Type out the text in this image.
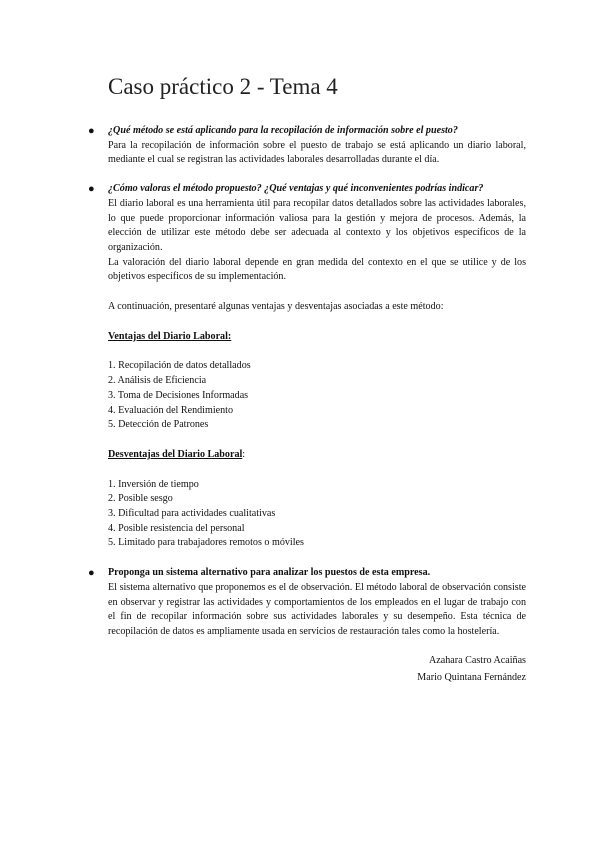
Caso práctico 2 - Tema 4
● ¿Qué método se está aplicando para la recopilación de información sobre el puesto?

Para la recopilación de información sobre el puesto de trabajo se está aplicando un diario laboral, mediante el cual se registran las actividades laborales desarrolladas durante el día.

● ¿Cómo valoras el método propuesto? ¿Qué ventajas y qué inconvenientes podrías indicar?

El diario laboral es una herramienta útil para recopilar datos detallados sobre las actividades laborales, lo que puede proporcionar información valiosa para la gestión y mejora de procesos. Además, la elección de utilizar este método debe ser adecuada al contexto y los objetivos específicos de la organización.

La valoración del diario laboral depende en gran medida del contexto en el que se utilice y de los objetivos específicos de su implementación.

A continuación, presentaré algunas ventajas y desventajas asociadas a este método:

Ventajas del Diario Laboral:
1. Recopilación de datos detallados
2. Análisis de Eficiencia
3. Toma de Decisiones Informadas
4. Evaluación del Rendimiento
5. Detección de Patrones
Desventajas del Diario Laboral:
1. Inversión de tiempo
2. Posible sesgo
3. Dificultad para actividades cualitativas
4. Posible resistencia del personal
5. Limitado para trabajadores remotos o móviles
● Proponga un sistema alternativo para analizar los puestos de esta empresa.

El sistema alternativo que proponemos es el de observación. El método laboral de observación consiste en observar y registrar las actividades y comportamientos de los empleados en el lugar de trabajo con el fin de recopilar información sobre sus actividades laborales y su desempeño. Esta técnica de recopilación de datos es ampliamente usada en servicios de restauración tales como la hostelería.

Azahara Castro Acaiñas
Mario Quintana Fernández
